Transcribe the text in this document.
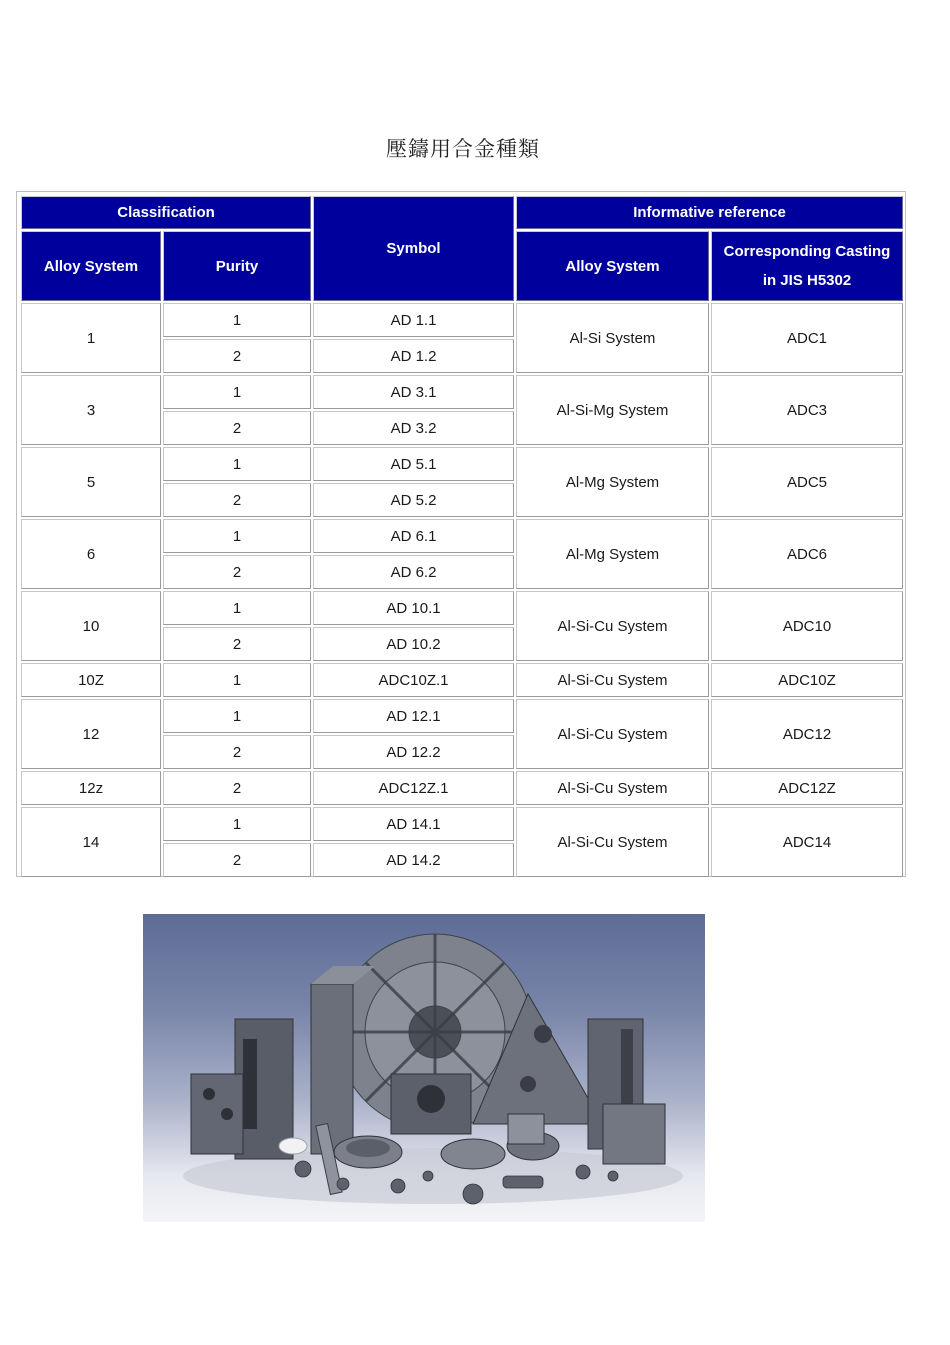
壓鑄用合金種類
Classification		Symbol	Informative reference	
Alloy System	Purity		Alloy System	Corresponding Casting
in JIS H5302
1	1	AD 1.1	Al-Si System	ADC1
	2	AD 1.2		
3	1	AD 3.1	Al-Si-Mg System	ADC3
	2	AD 3.2		
5	1	AD 5.1	Al-Mg System	ADC5
	2	AD 5.2		
6	1	AD 6.1	Al-Mg System	ADC6
	2	AD 6.2		
10	1	AD 10.1	Al-Si-Cu System	ADC10
	2	AD 10.2		
10Z	1	ADC10Z.1	Al-Si-Cu System	ADC10Z
12	1	AD 12.1	Al-Si-Cu System	ADC12
	2	AD 12.2		
12z	2	ADC12Z.1	Al-Si-Cu System	ADC12Z
14	1	AD 14.1	Al-Si-Cu System	ADC14
	2	AD 14.2		
